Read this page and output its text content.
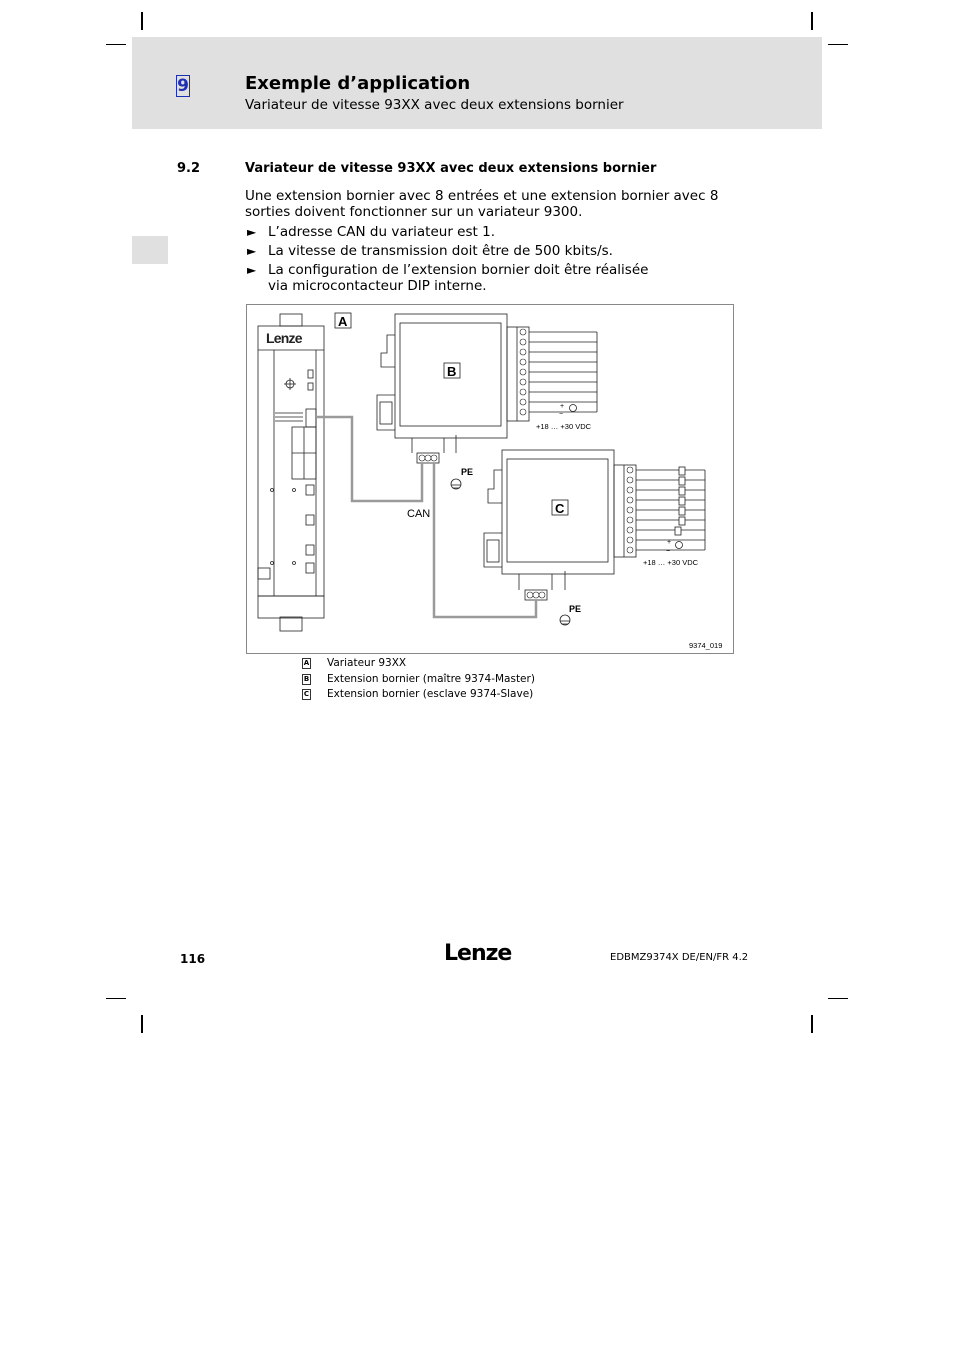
9	Exemple d’application
Variateur de vitesse 93XX avec deux extensions bornier
9.2	Variateur de vitesse 93XX avec deux extensions bornier
Une extension bornier avec 8 entrées et une extension bornier avec 8 sorties doivent fonctionner sur un variateur 9300.
► L’adresse CAN du variateur est 1.
► La vitesse de transmission doit être de 500 kbits/s.
► La configuration de l’extension bornier doit être réalisée via microcontacteur DIP interne.
Lenze
A
B
C
CAN
PE
PE
+
−
+
−
+18 … +30 VDC
+18 … +30 VDC
9374_019
A Variateur 93XX
B Extension bornier (maître 9374-Master)
C Extension bornier (esclave 9374-Slave)
116	Lenze	EDBMZ9374X DE/EN/FR 4.2
